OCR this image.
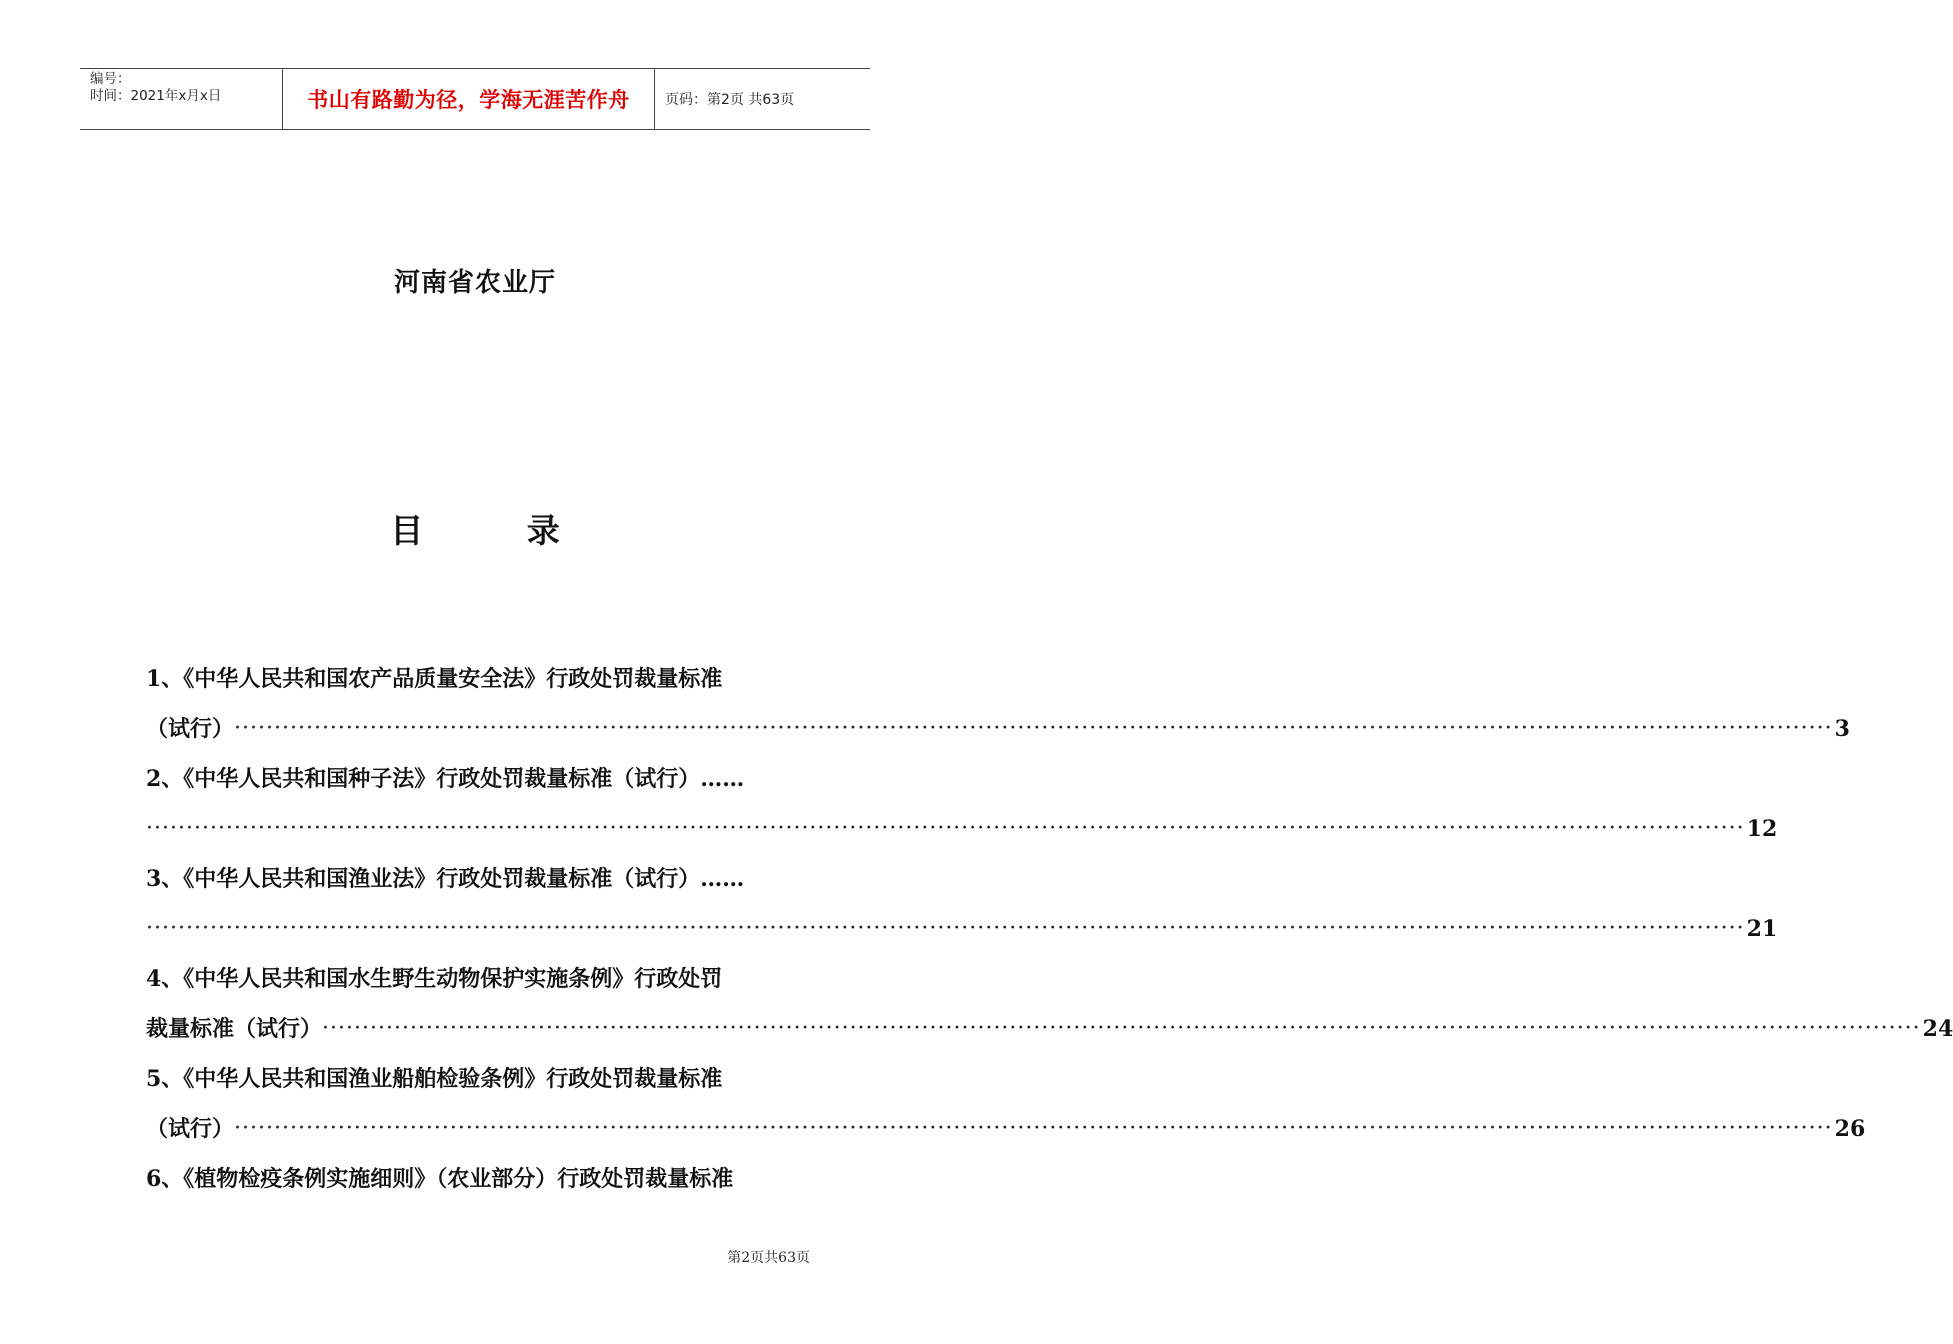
编号：
时间：2021年x月x日	书山有路勤为径，学海无涯苦作舟	页码：第2页 共63页
河南省农业厅
目 录
1、《中华人民共和国农产品质量安全法》行政处罚裁量标准
（试行） ········································································································································································································ 3
2、《中华人民共和国种子法》行政处罚裁量标准（试行）……
········································································································································································································ 12
3、《中华人民共和国渔业法》行政处罚裁量标准（试行）……
········································································································································································································ 21
4、《中华人民共和国水生野生动物保护实施条例》行政处罚
裁量标准（试行） ········································································································································································································ 24
5、《中华人民共和国渔业船舶检验条例》行政处罚裁量标准
（试行） ········································································································································································································ 26
6、《植物检疫条例实施细则》（农业部分）行政处罚裁量标准
第2页共63页
